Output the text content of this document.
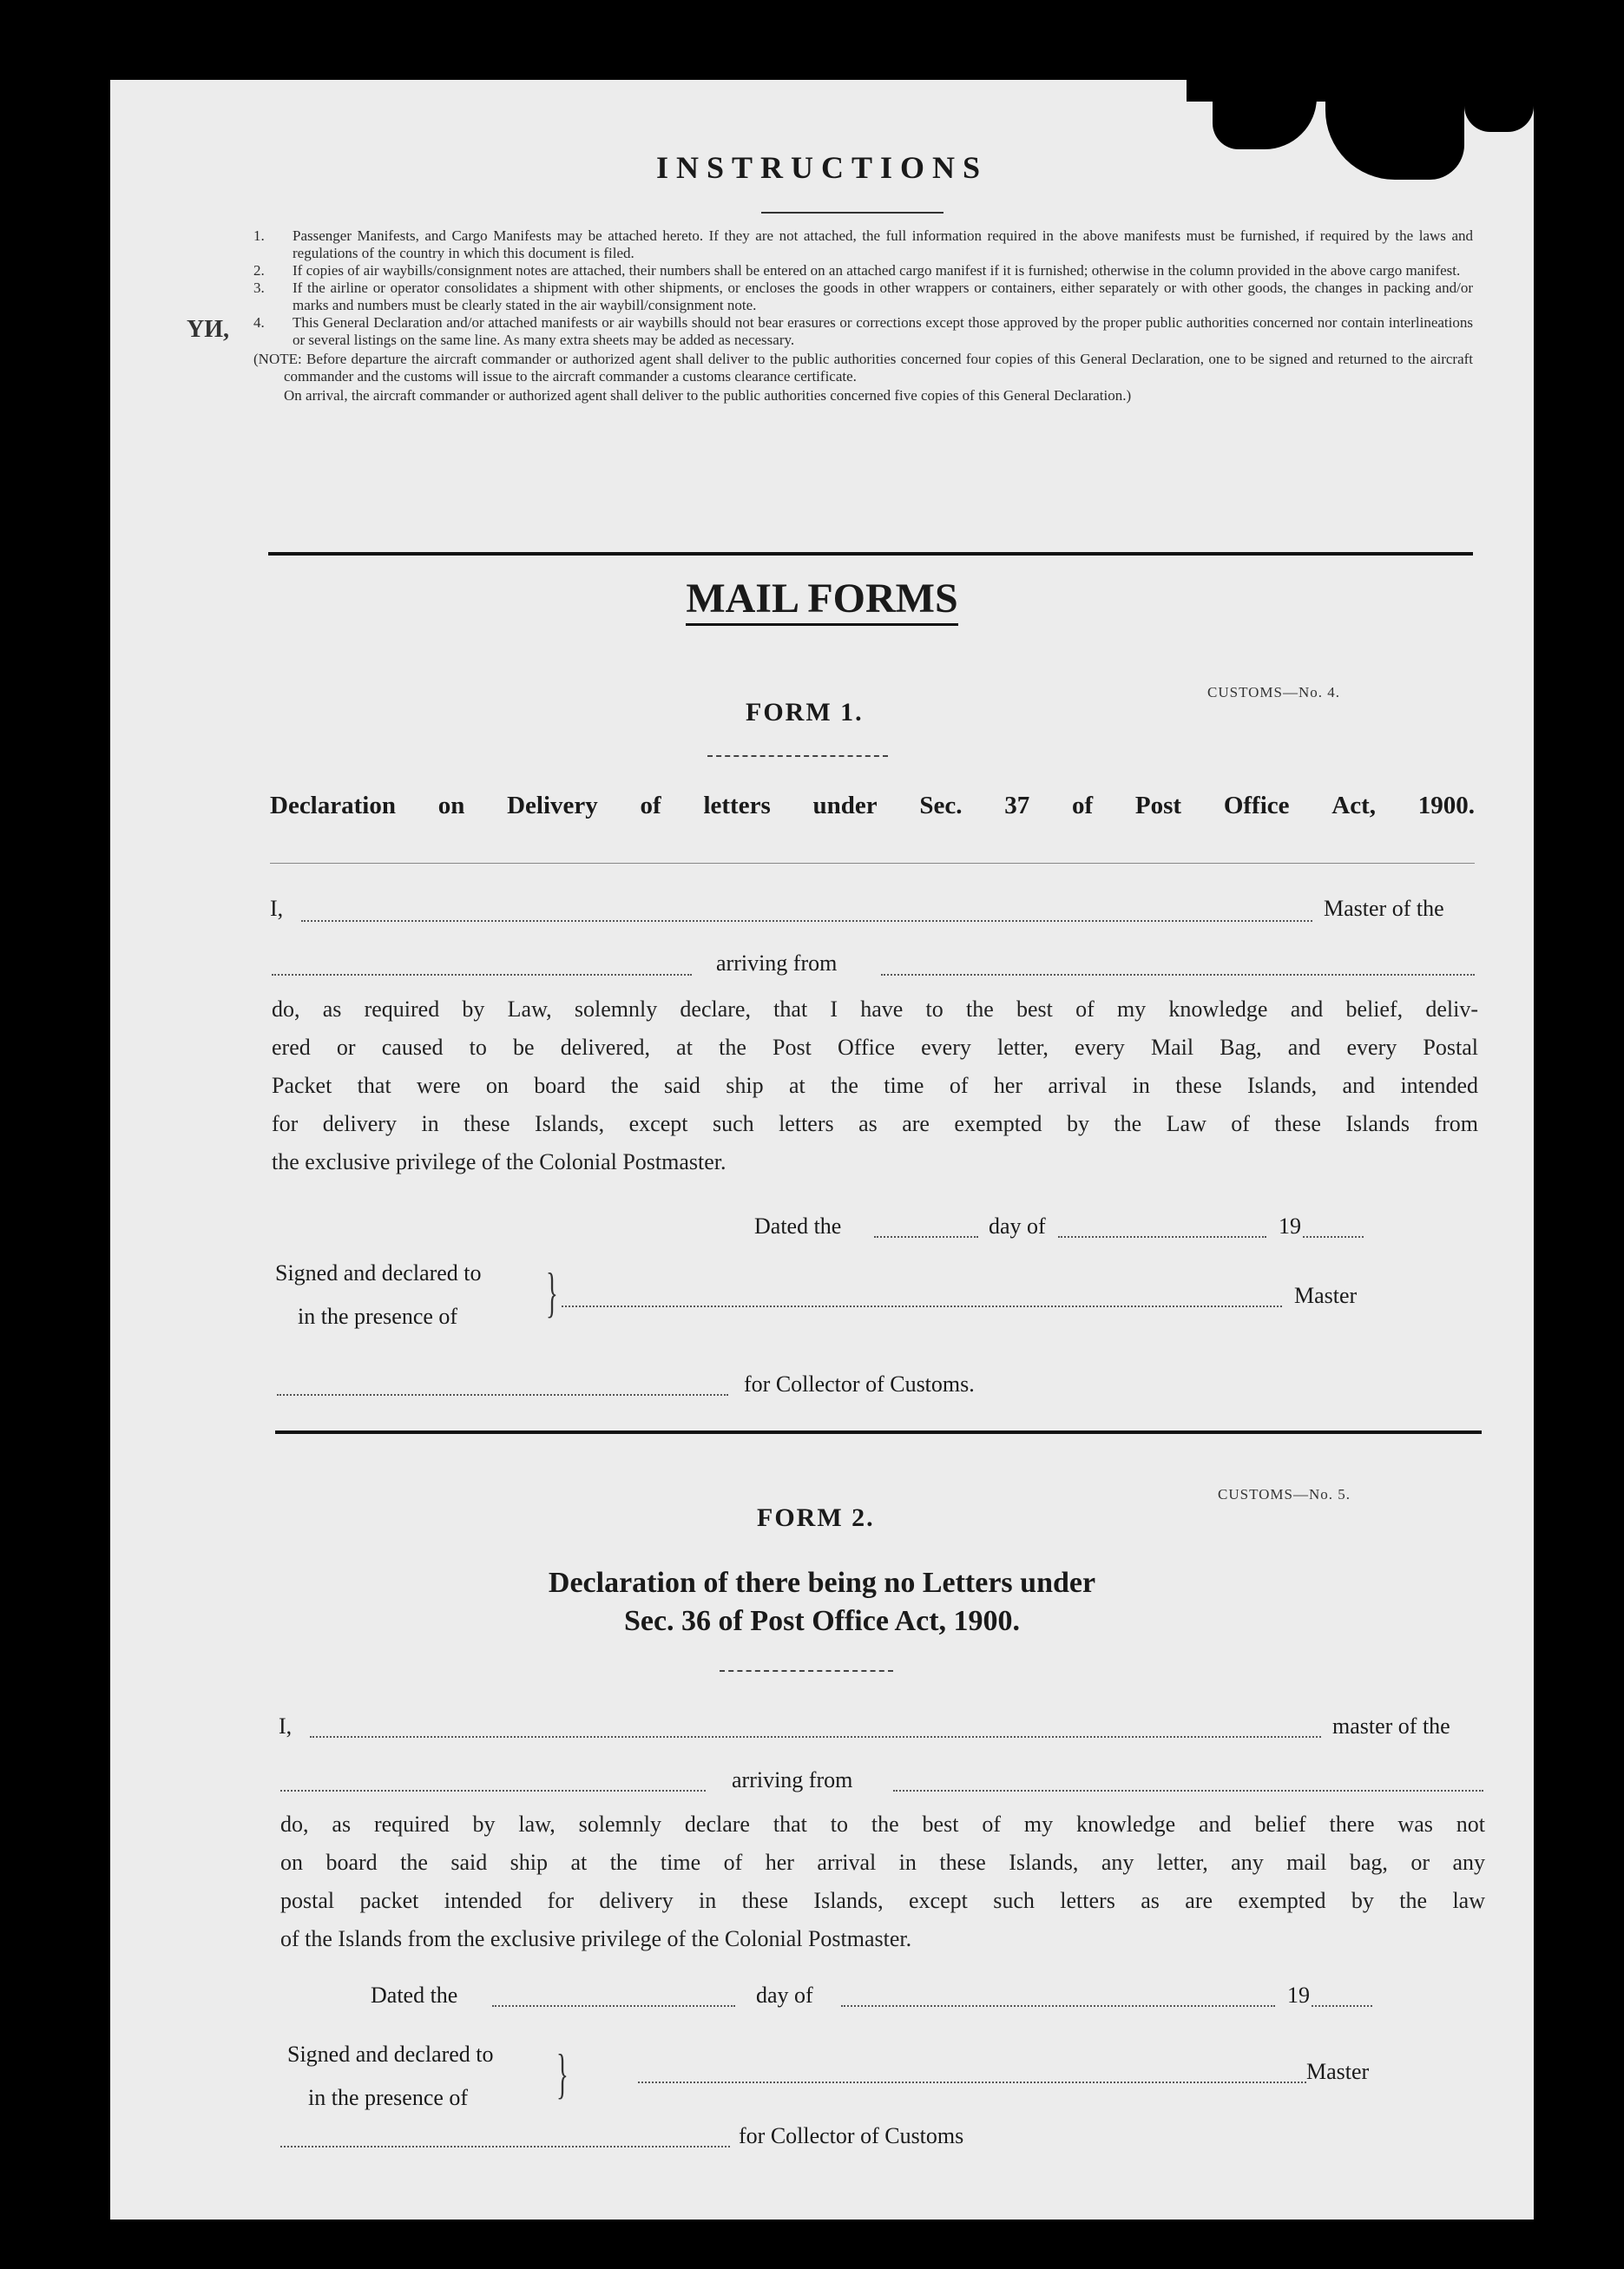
INSTRUCTIONS
ҮИ,
1. Passenger Manifests, and Cargo Manifests may be attached hereto. If they are not attached, the full information required in the above manifests must be furnished, if required by the laws and regulations of the country in which this document is filed.
2. If copies of air waybills/consignment notes are attached, their numbers shall be entered on an attached cargo manifest if it is furnished; otherwise in the column provided in the above cargo manifest.
3. If the airline or operator consolidates a shipment with other shipments, or encloses the goods in other wrappers or containers, either separately or with other goods, the changes in packing and/or marks and numbers must be clearly stated in the air waybill/consignment note.
4. This General Declaration and/or attached manifests or air waybills should not bear erasures or corrections except those approved by the proper public authorities concerned nor contain interlineations or several listings on the same line. As many extra sheets may be added as necessary.
(NOTE: Before departure the aircraft commander or authorized agent shall deliver to the public authorities concerned four copies of this General Declaration, one to be signed and returned to the aircraft commander and the customs will issue to the aircraft commander a customs clearance certificate.
On arrival, the aircraft commander or authorized agent shall deliver to the public authorities concerned five copies of this General Declaration.)
MAIL FORMS
CUSTOMS—No. 4.
FORM 1.
Declaration on Delivery of letters under Sec. 37 of Post Office Act, 1900.
I,	Master of the
arriving from
do, as required by Law, solemnly declare, that I have to the best of my knowledge and belief, deliv-
ered or caused to be delivered, at the Post Office every letter, every Mail Bag, and every Postal
Packet that were on board the said ship at the time of her arrival in these Islands, and intended
for delivery in these Islands, except such letters as are exempted by the Law of these Islands from
the exclusive privilege of the Colonial Postmaster.
Dated the	day of	19
Signed and declared to
in the presence of }	Master
for Collector of Customs.
CUSTOMS—No. 5.
FORM 2.
Declaration of there being no Letters under
Sec. 36 of Post Office Act, 1900.
I,	master of the
arriving from
do, as required by law, solemnly declare that to the best of my knowledge and belief there was not
on board the said ship at the time of her arrival in these Islands, any letter, any mail bag, or any
postal packet intended for delivery in these Islands, except such letters as are exempted by the law
of the Islands from the exclusive privilege of the Colonial Postmaster.
Dated the	day of	19
Signed and declared to
in the presence of }	Master
for Collector of Customs
